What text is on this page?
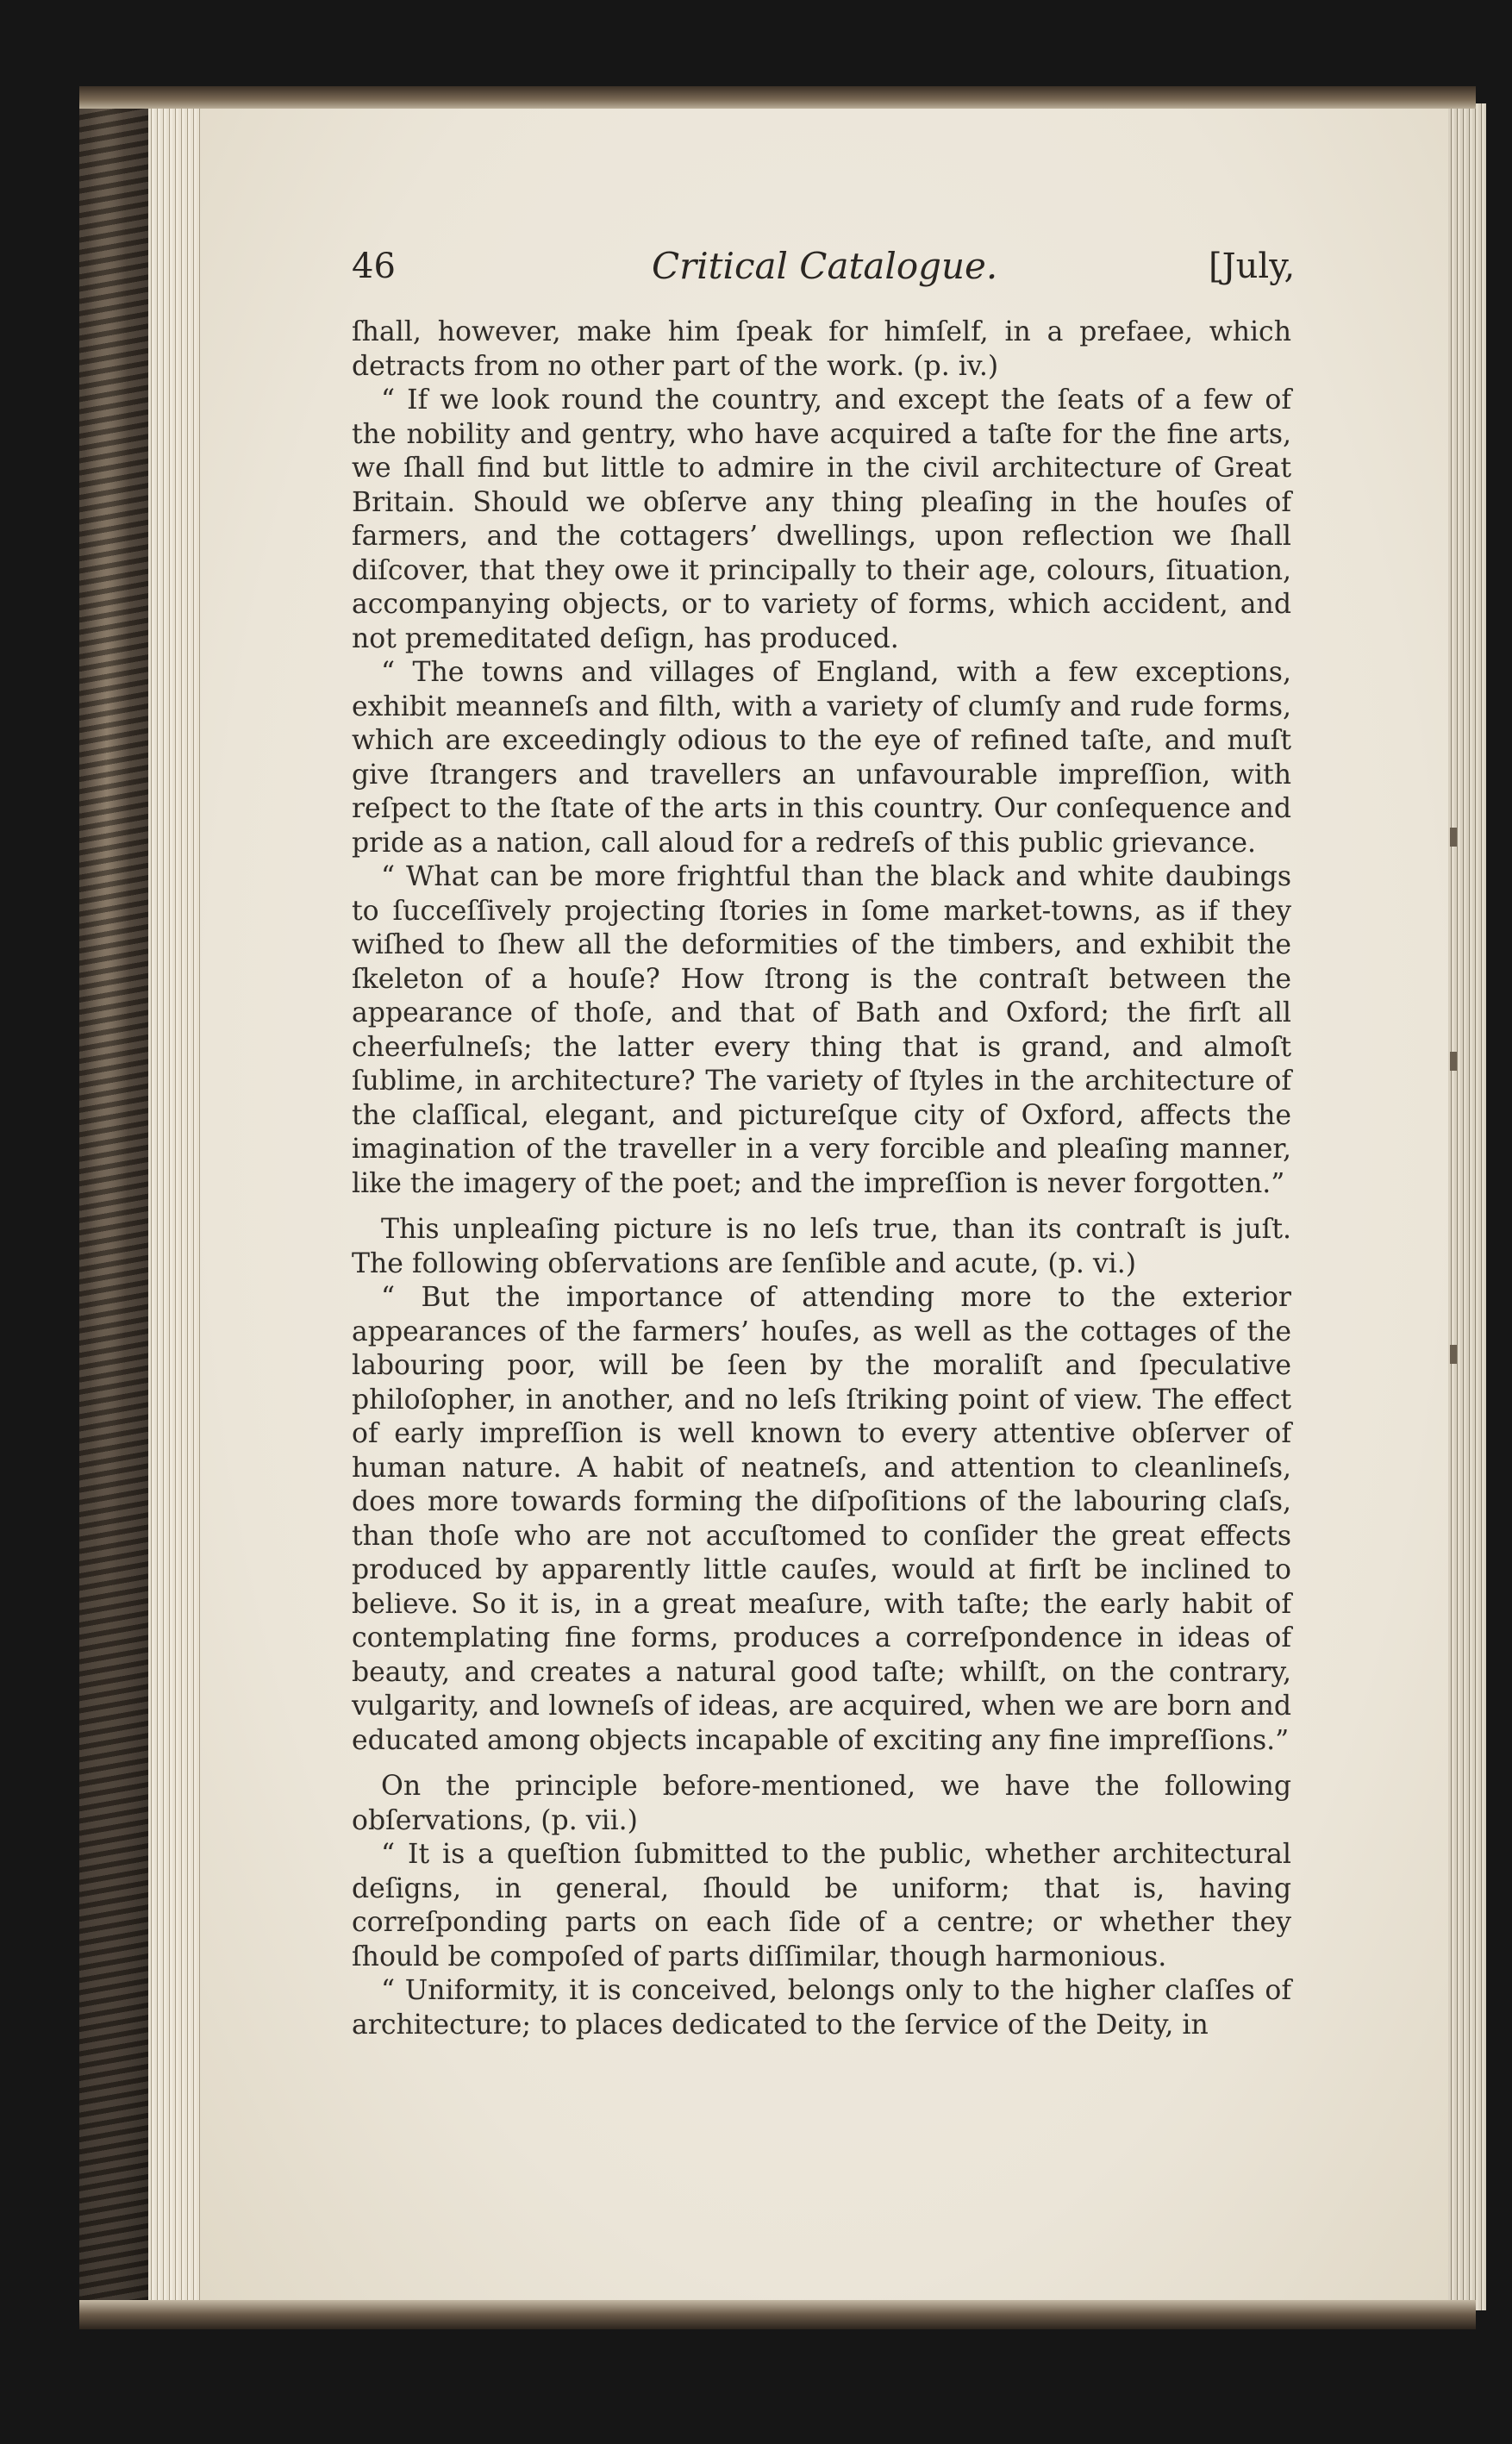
46	Critical Catalogue.	[July,

ſhall, however, make him ſpeak for himſelf, in a prefaee, which detracts from no other part of the work. (p. iv.)

“ If we look round the country, and except the ſeats of a few of the nobility and gentry, who have acquired a taſte for the fine arts, we ſhall find but little to admire in the civil architecture of Great Britain. Should we obſerve any thing pleaſing in the houſes of farmers, and the cottagers’ dwellings, upon reflection we ſhall diſcover, that they owe it principally to their age, colours, ſituation, accompanying objects, or to variety of forms, which accident, and not premeditated deſign, has produced.

“ The towns and villages of England, with a few exceptions, exhibit meanneſs and filth, with a variety of clumſy and rude forms, which are exceedingly odious to the eye of refined taſte, and muſt give ſtrangers and travellers an unfavourable impreſſion, with reſpect to the ſtate of the arts in this country. Our conſequence and pride as a nation, call aloud for a redreſs of this public grievance.

“ What can be more frightful than the black and white daubings to ſucceſſively projecting ſtories in ſome market-towns, as if they wiſhed to ſhew all the deformities of the timbers, and exhibit the ſkeleton of a houſe? How ſtrong is the contraſt between the appearance of thoſe, and that of Bath and Oxford; the firſt all cheerfulneſs; the latter every thing that is grand, and almoſt ſublime, in architecture? The variety of ſtyles in the architecture of the claſſical, elegant, and pictureſque city of Oxford, affects the imagination of the traveller in a very forcible and pleaſing manner, like the imagery of the poet; and the impreſſion is never forgotten.”

This unpleaſing picture is no leſs true, than its contraſt is juſt. The following obſervations are ſenſible and acute, (p. vi.)

“ But the importance of attending more to the exterior appearances of the farmers’ houſes, as well as the cottages of the labouring poor, will be ſeen by the moraliſt and ſpeculative philoſopher, in another, and no leſs ſtriking point of view. The effect of early impreſſion is well known to every attentive obſerver of human nature. A habit of neatneſs, and attention to cleanlineſs, does more towards forming the diſpoſitions of the labouring claſs, than thoſe who are not accuſtomed to conſider the great effects produced by apparently little cauſes, would at firſt be inclined to believe. So it is, in a great meaſure, with taſte; the early habit of contemplating fine forms, produces a correſpondence in ideas of beauty, and creates a natural good taſte; whilſt, on the contrary, vulgarity, and lowneſs of ideas, are acquired, when we are born and educated among objects incapable of exciting any fine impreſſions.”

On the principle before-mentioned, we have the following obſervations, (p. vii.)

“ It is a queſtion ſubmitted to the public, whether architectural deſigns, in general, ſhould be uniform; that is, having correſponding parts on each ſide of a centre; or whether they ſhould be compoſed of parts diſſimilar, though harmonious.

“ Uniformity, it is conceived, belongs only to the higher claſſes of architecture; to places dedicated to the ſervice of the Deity, in
